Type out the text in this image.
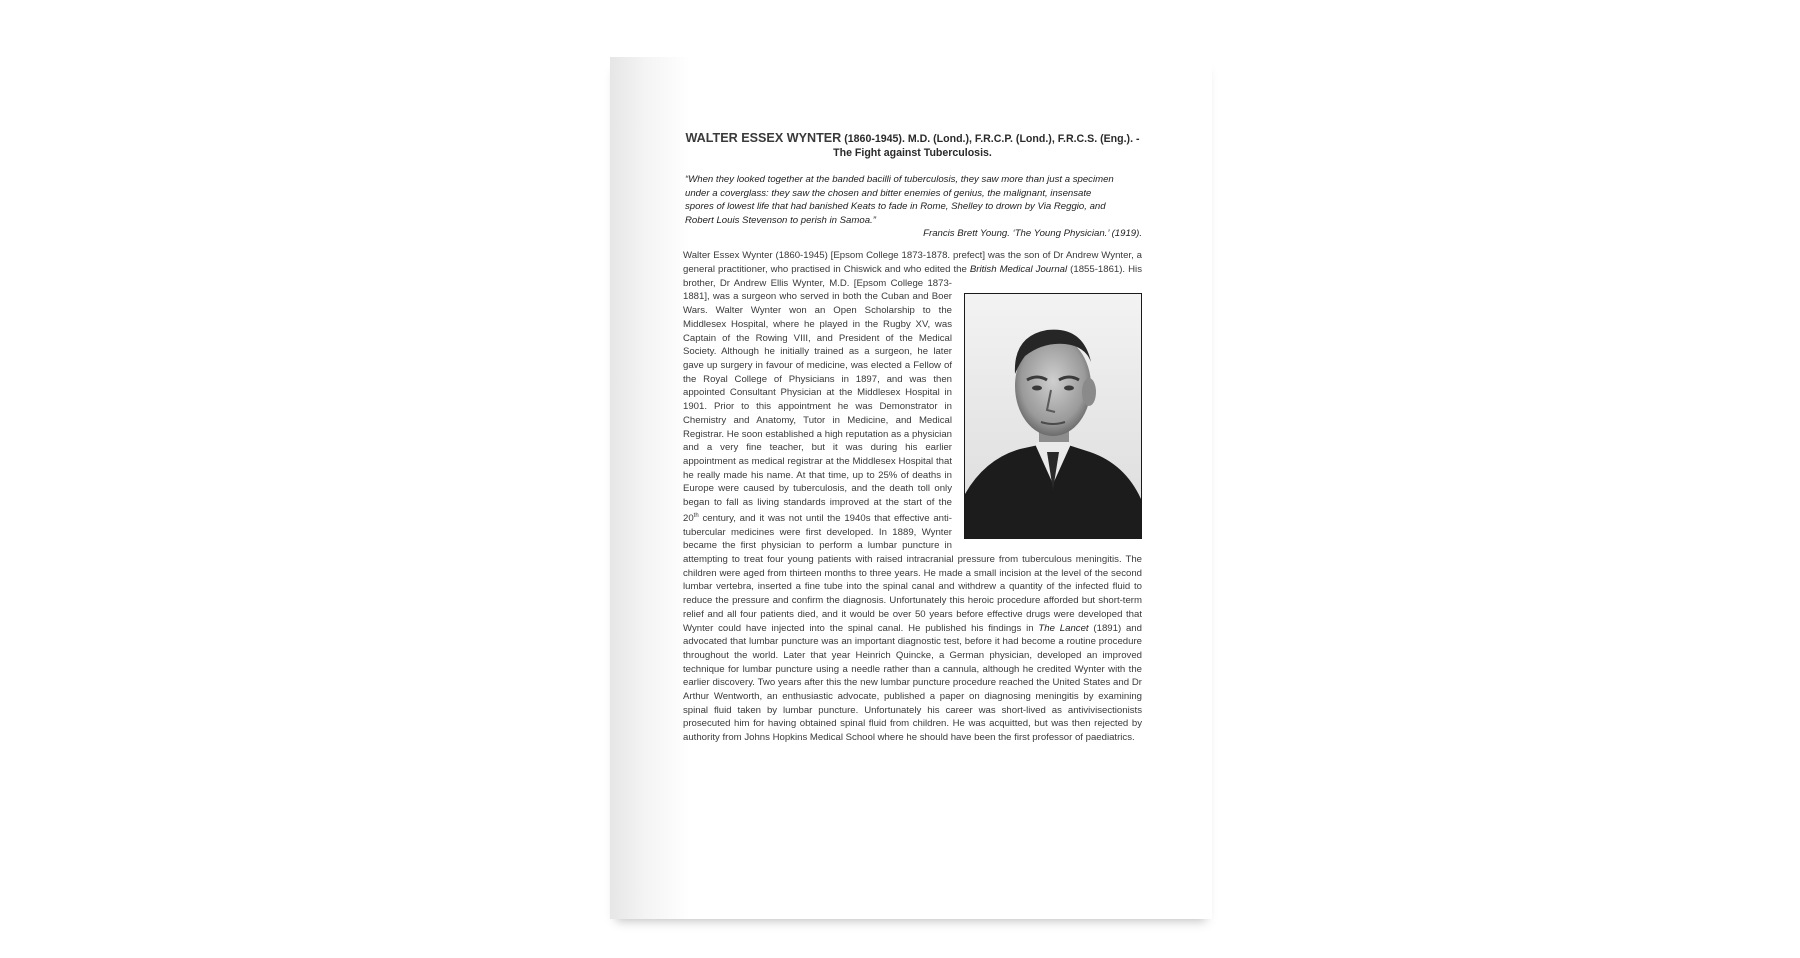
WALTER ESSEX WYNTER (1860-1945). M.D. (Lond.), F.R.C.P. (Lond.), F.R.C.S. (Eng.). - The Fight against Tuberculosis.

“When they looked together at the banded bacilli of tuberculosis, they saw more than just a specimen under a coverglass: they saw the chosen and bitter enemies of genius, the malignant, insensate spores of lowest life that had banished Keats to fade in Rome, Shelley to drown by Via Reggio, and Robert Louis Stevenson to perish in Samoa.”

Francis Brett Young. ‘The Young Physician.’ (1919).

Walter Essex Wynter (1860-1945) [Epsom College 1873-1878. prefect] was the son of Dr Andrew Wynter, a general practitioner, who practised in Chiswick and who edited the British Medical Journal
(1855-1861). His brother, Dr Andrew Ellis Wynter, M.D. [Epsom College 1873-1881], was a surgeon who served in both the Cuban and Boer Wars. Walter Wynter won an Open Scholarship to the Middlesex Hospital, where he played in the Rugby XV, was Captain of the Rowing VIII, and President of the Medical Society. Although he initially trained as a surgeon, he later gave up surgery in favour of medicine, was elected a Fellow of the Royal College of Physicians in 1897, and was then appointed Consultant Physician at the Middlesex Hospital in 1901. Prior to this appointment he was Demonstrator in Chemistry and Anatomy, Tutor in Medicine, and Medical Registrar. He soon established a high reputation as a physician and a very fine teacher, but it was during his earlier appointment as medical registrar at the Middlesex Hospital that he really made his name. At that time, up to 25% of deaths in Europe were caused by tuberculosis, and the death toll only began to fall as living standards improved at the start of the 20th century, and it was not until the 1940s that effective anti-tubercular medicines were first developed. In 1889, Wynter became the first physician to perform a lumbar puncture in attempting to treat four young patients with raised intracranial pressure from tuberculous meningitis. The children were aged from thirteen months to three years. He made a small incision at the level of the second lumbar vertebra, inserted a fine tube into the spinal canal and withdrew a quantity of the infected fluid to reduce the pressure and confirm the diagnosis. Unfortunately this heroic procedure afforded but short-term relief and all four patients died, and it would be over 50 years before effective drugs were developed that Wynter could have injected into the spinal canal. He published his findings in The Lancet (1891) and advocated that lumbar puncture was an important diagnostic test, before it had become a routine procedure throughout the world. Later that year Heinrich Quincke, a German physician, developed an improved technique for lumbar puncture using a needle rather than a cannula, although he credited Wynter with the earlier discovery. Two years after this the new lumbar puncture procedure reached the United States and Dr Arthur Wentworth, an enthusiastic advocate, published a paper on diagnosing meningitis by examining spinal fluid taken by lumbar puncture. Unfortunately his career was short-lived as antivivisectionists prosecuted him for having obtained spinal fluid from children. He was acquitted, but was then rejected by authority from Johns Hopkins Medical School where he should have been the first professor of paediatrics.
